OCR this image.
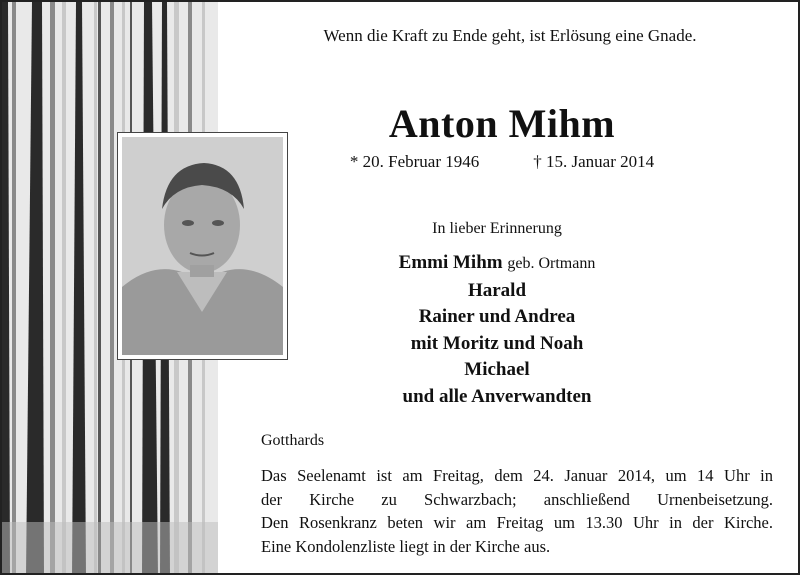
Wenn die Kraft zu Ende geht, ist Erlösung eine Gnade.
Anton Mihm
* 20. Februar 1946	† 15. Januar 2014
In lieber Erinnerung
Emmi Mihm geb. Ortmann
Harald
Rainer und Andrea
mit Moritz und Noah
Michael
und alle Anverwandten
Gotthards
Das Seelenamt ist am Freitag, dem 24. Januar 2014, um 14 Uhr in
der Kirche zu Schwarzbach; anschließend Urnenbeisetzung.
Den Rosenkranz beten wir am Freitag um 13.30 Uhr in der Kirche.
Eine Kondolenzliste liegt in der Kirche aus.
